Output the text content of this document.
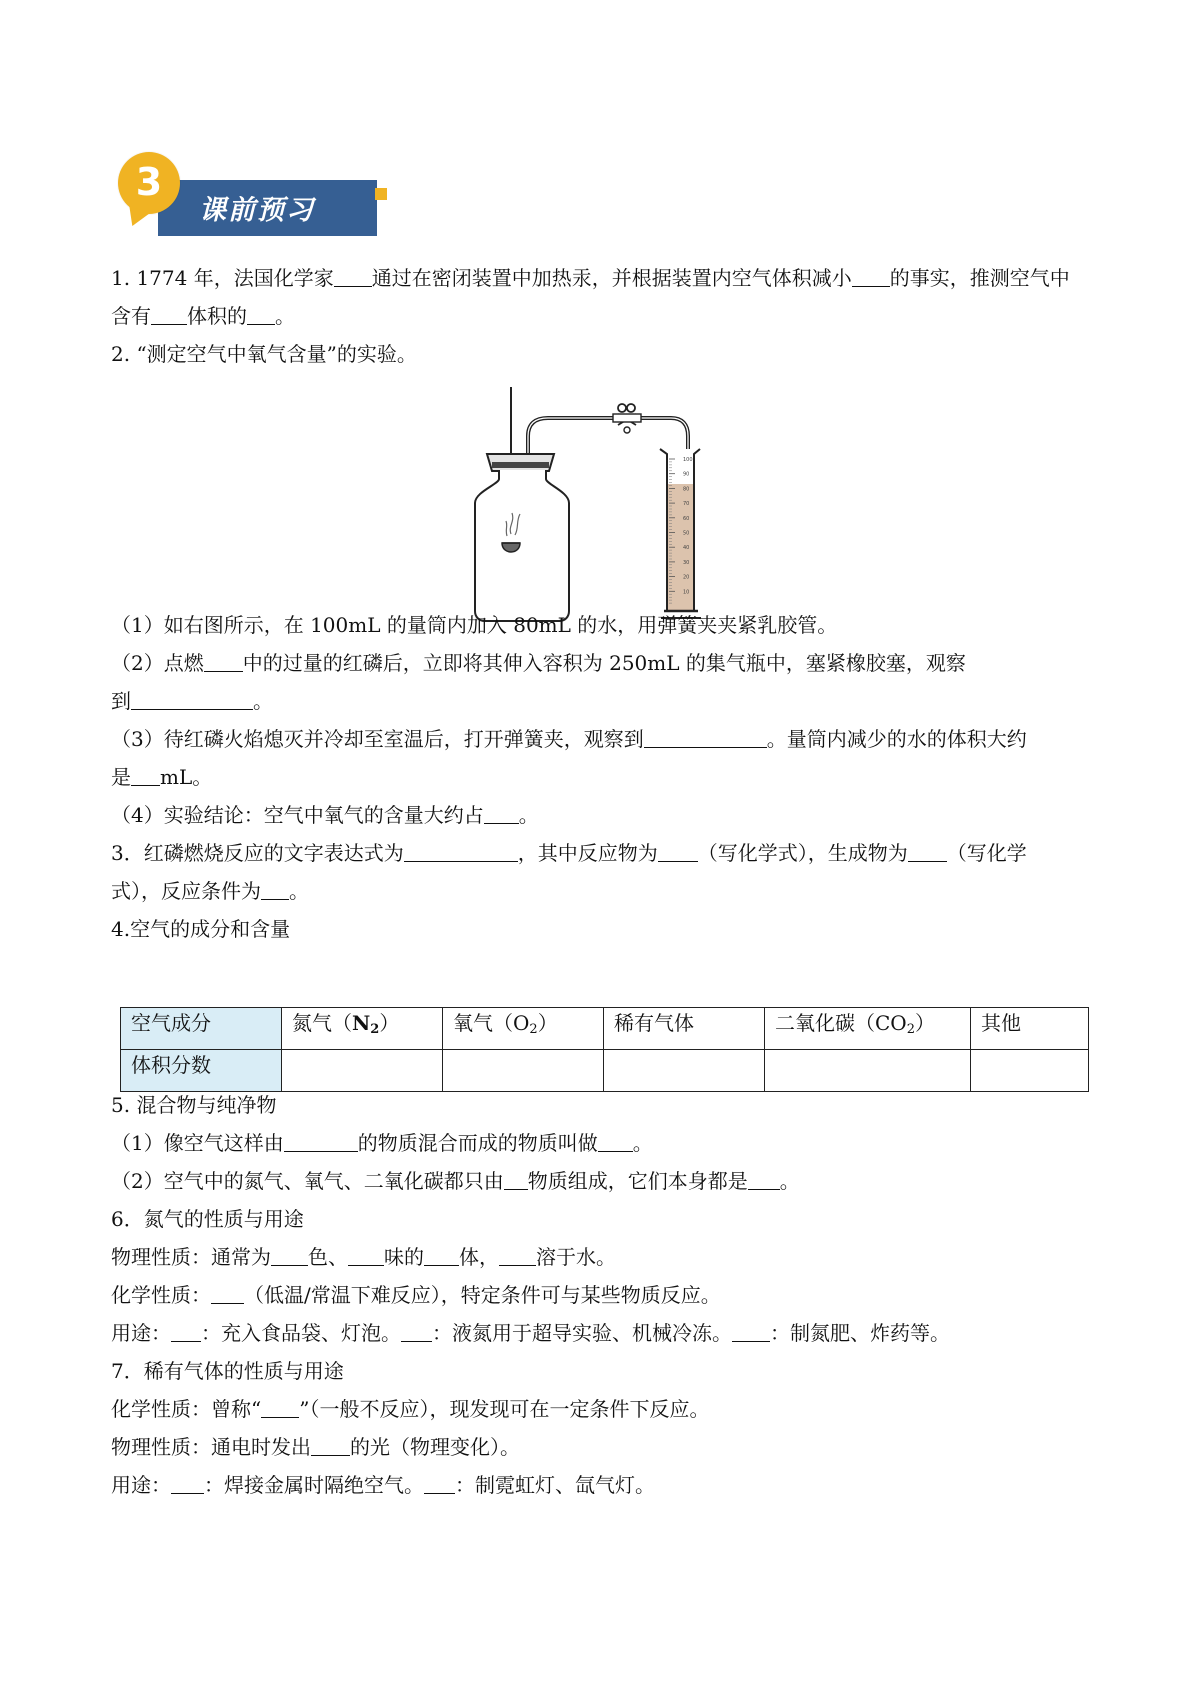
课前预习
3
1. 1774 年，法国化学家 通过在密闭装置中加热汞，并根据装置内空气体积减小 的事实，推测空气中
含有 体积的 。
2. “测定空气中氧气含量”的实验。
100
90
80
70
60
50
40
30
20
10
（1）如右图所示，在 100mL 的量筒内加入 80mL 的水，用弹簧夹夹紧乳胶管。
（2）点燃 中的过量的红磷后，立即将其伸入容积为 250mL 的集气瓶中，塞紧橡胶塞，观察
到	。
（3）待红磷火焰熄灭并冷却至室温后，打开弹簧夹，观察到	。量筒内减少的水的体积大约
是 mL。
（4）实验结论：空气中氧气的含量大约占 。
3．红磷燃烧反应的文字表达式为	，其中反应物为 （写化学式），生成物为 （写化学
式），反应条件为 。
4.空气的成分和含量
空气成分	氮气$(N_2)$	氧气$(O_2)$	稀有气体	二氧化碳$(CO_2)$	其他
体积分数					
5. 混合物与纯净物
（1）像空气这样由	的物质混合而成的物质叫做 。
（2）空气中的氮气、氧气、二氧化碳都只由 物质组成，它们本身都是 。
6．氮气的性质与用途
物理性质：通常为 色、 味的 体， 溶于水。
化学性质： （低温/常温下难反应），特定条件可与某些物质反应。
用途： ：充入食品袋、灯泡。 ：液氮用于超导实验、机械冷冻。 ：制氮肥、炸药等。
7．稀有气体的性质与用途
化学性质：曾称“ ”（一般不反应），现发现可在一定条件下反应。
物理性质：通电时发出 的光（物理变化）。
用途： ：焊接金属时隔绝空气。 ：制霓虹灯、氙气灯。
